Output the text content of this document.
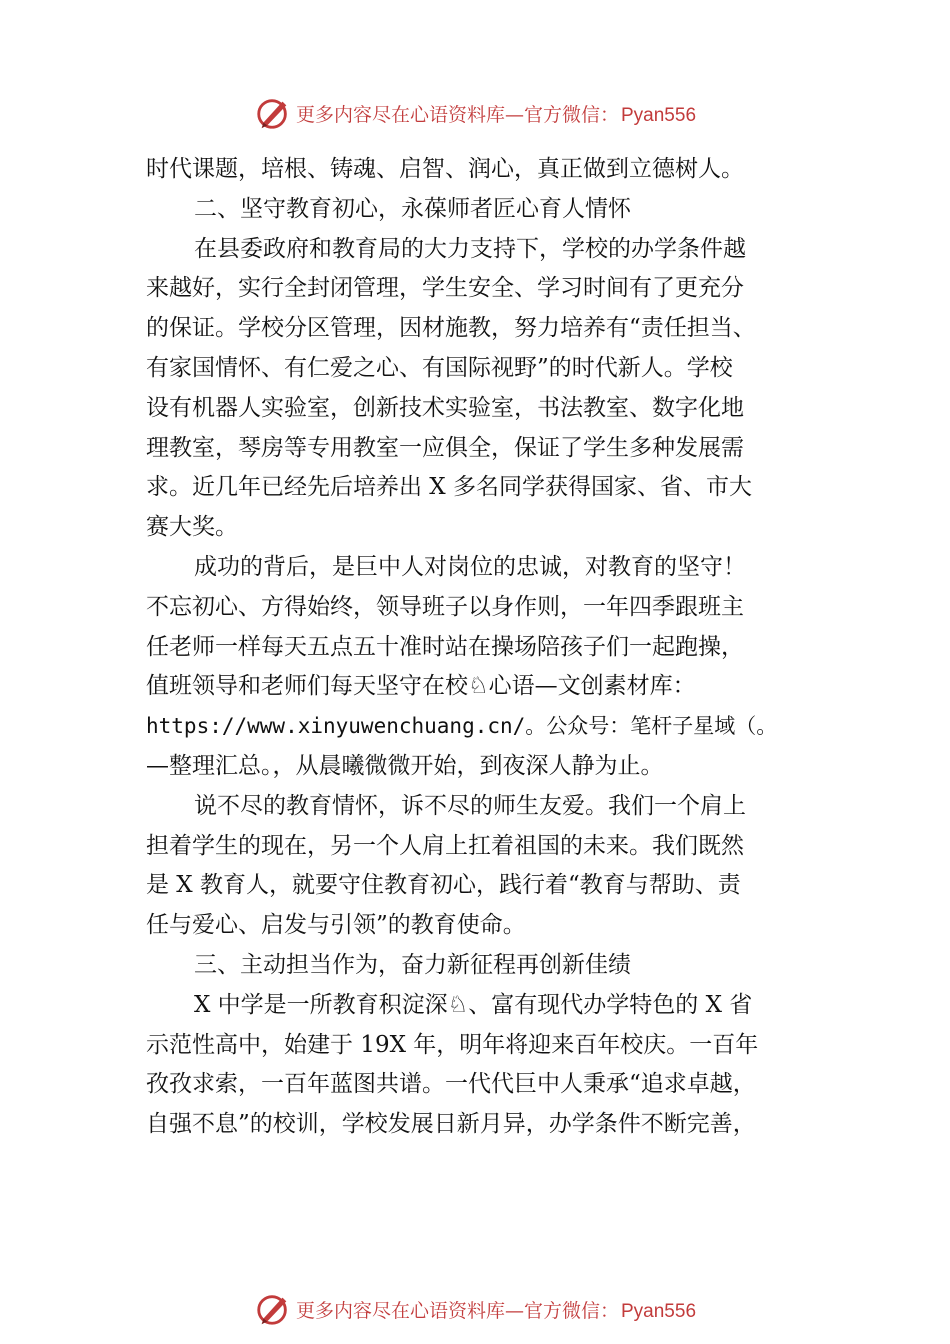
更多内容尽在心语资料库—官方微信： Pyan556
时代课题，培根、铸魂、启智、润心，真正做到立德树人。
二、坚守教育初心，永葆师者匠心育人情怀
在县委政府和教育局的大力支持下，学校的办学条件越
来越好，实行全封闭管理，学生安全、学习时间有了更充分
的保证。学校分区管理，因材施教，努力培养有“责任担当、
有家国情怀、有仁爱之心、有国际视野”的时代新人。学校
设有机器人实验室，创新技术实验室，书法教室、数字化地
理教室，琴房等专用教室一应俱全，保证了学生多种发展需
求。近几年已经先后培养出 X 多名同学获得国家、省、市大
赛大奖。
成功的背后，是巨中人对岗位的忠诚，对教育的坚守！
不忘初心、方得始终，领导班子以身作则，一年四季跟班主
任老师一样每天五点五十准时站在操场陪孩子们一起跑操，
值班领导和老师们每天坚守在校♘心语—文创素材库：
https://www.xinyuwenchuang.cn/。公众号：笔杆子星域（。
—整理汇总。，从晨曦微微开始，到夜深人静为止。
说不尽的教育情怀，诉不尽的师生友爱。我们一个肩上
担着学生的现在，另一个人肩上扛着祖国的未来。我们既然
是 X 教育人，就要守住教育初心，践行着“教育与帮助、责
任与爱心、启发与引领”的教育使命。
三、主动担当作为，奋力新征程再创新佳绩
X 中学是一所教育积淀深♘、富有现代办学特色的 X 省
示范性高中，始建于 19X 年，明年将迎来百年校庆。一百年
孜孜求索，一百年蓝图共谱。一代代巨中人秉承“追求卓越，
自强不息”的校训，学校发展日新月异，办学条件不断完善，
更多内容尽在心语资料库—官方微信： Pyan556
